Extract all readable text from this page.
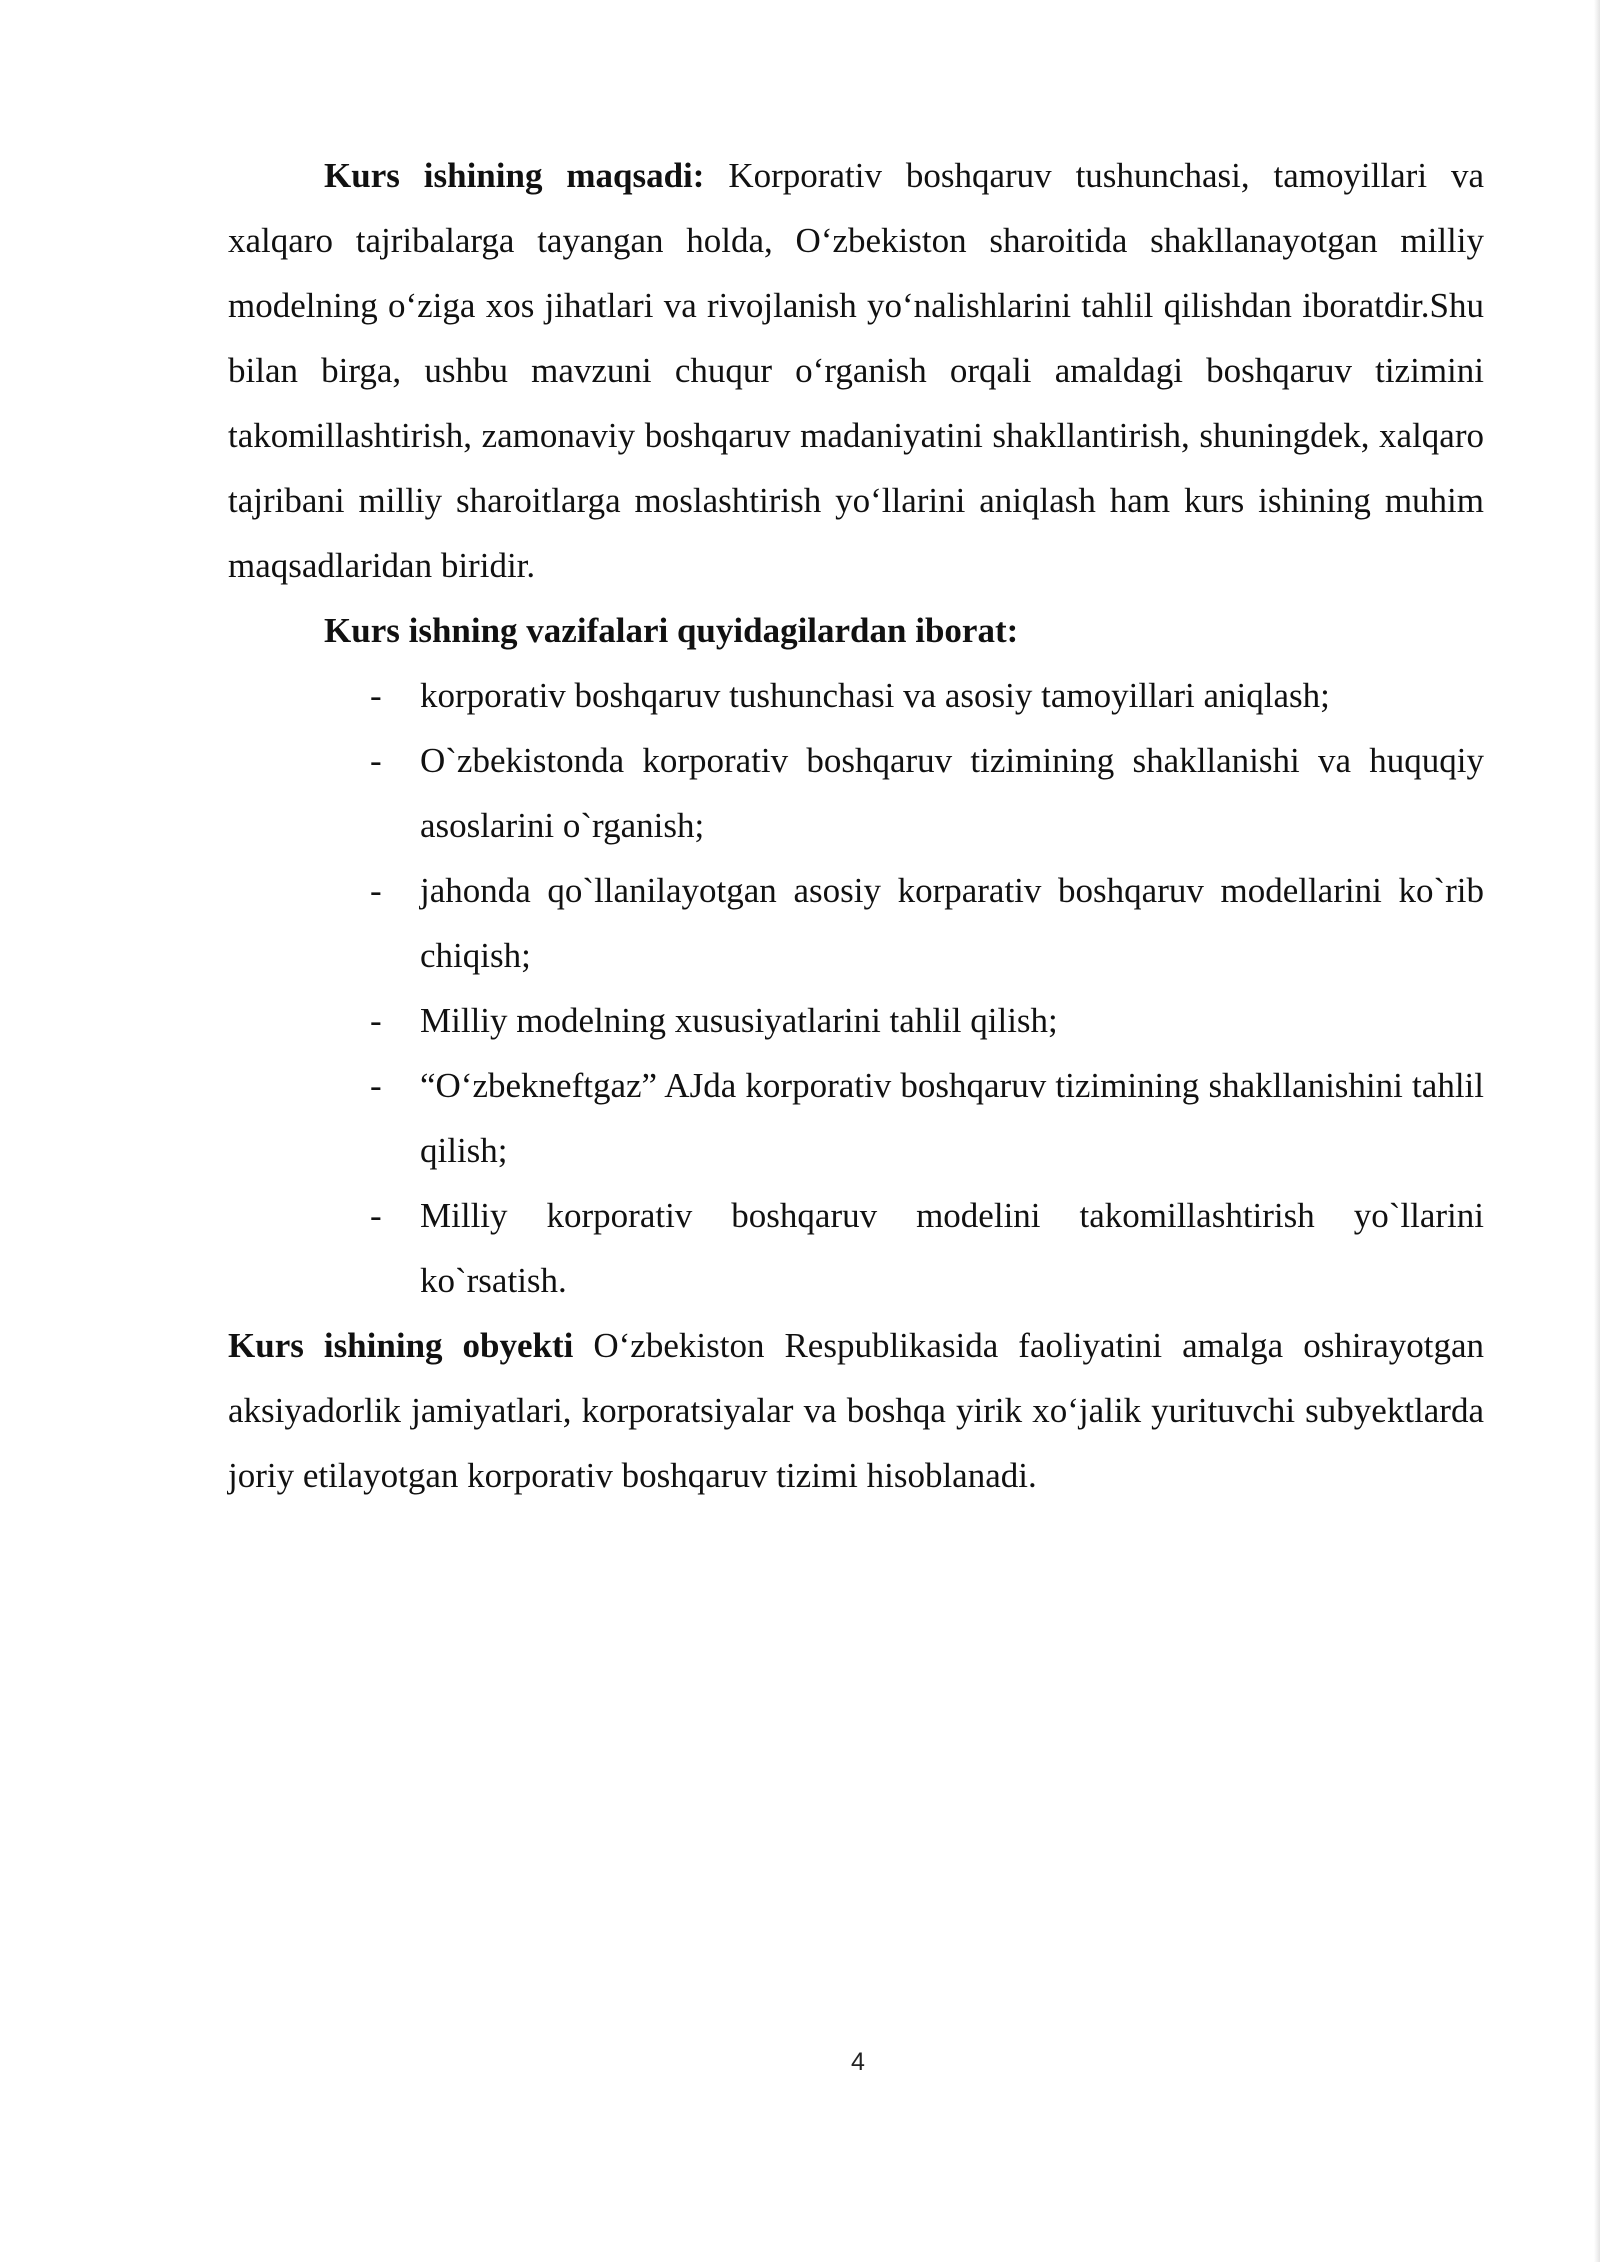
Kurs ishining maqsadi: Korporativ boshqaruv tushunchasi, tamoyillari va xalqaro tajribalarga tayangan holda, O‘zbekiston sharoitida shakllanayotgan milliy modelning o‘ziga xos jihatlari va rivojlanish yo‘nalishlarini tahlil qilishdan iboratdir.Shu bilan birga, ushbu mavzuni chuqur o‘rganish orqali amaldagi boshqaruv tizimini takomillashtirish, zamonaviy boshqaruv madaniyatini shakllantirish, shuningdek, xalqaro tajribani milliy sharoitlarga moslashtirish yo‘llarini aniqlash ham kurs ishining muhim maqsadlaridan biridir.

Kurs ishning vazifalari quyidagilardan iborat:

- korporativ boshqaruv tushunchasi va asosiy tamoyillari aniqlash;
- O`zbekistonda korporativ boshqaruv tizimining shakllanishi va huquqiy asoslarini o`rganish;
- jahonda qo`llanilayotgan asosiy korparativ boshqaruv modellarini ko`rib chiqish;
- Milliy modelning xususiyatlarini tahlil qilish;
- “O‘zbekneftgaz” AJda korporativ boshqaruv tizimining shakllanishini tahlil qilish;
- Milliy korporativ boshqaruv modelini takomillashtirish yo`llarini ko`rsatish.

Kurs ishining obyekti O‘zbekiston Respublikasida faoliyatini amalga oshirayotgan aksiyadorlik jamiyatlari, korporatsiyalar va boshqa yirik xo‘jalik yurituvchi subyektlarda joriy etilayotgan korporativ boshqaruv tizimi hisoblanadi.

4
